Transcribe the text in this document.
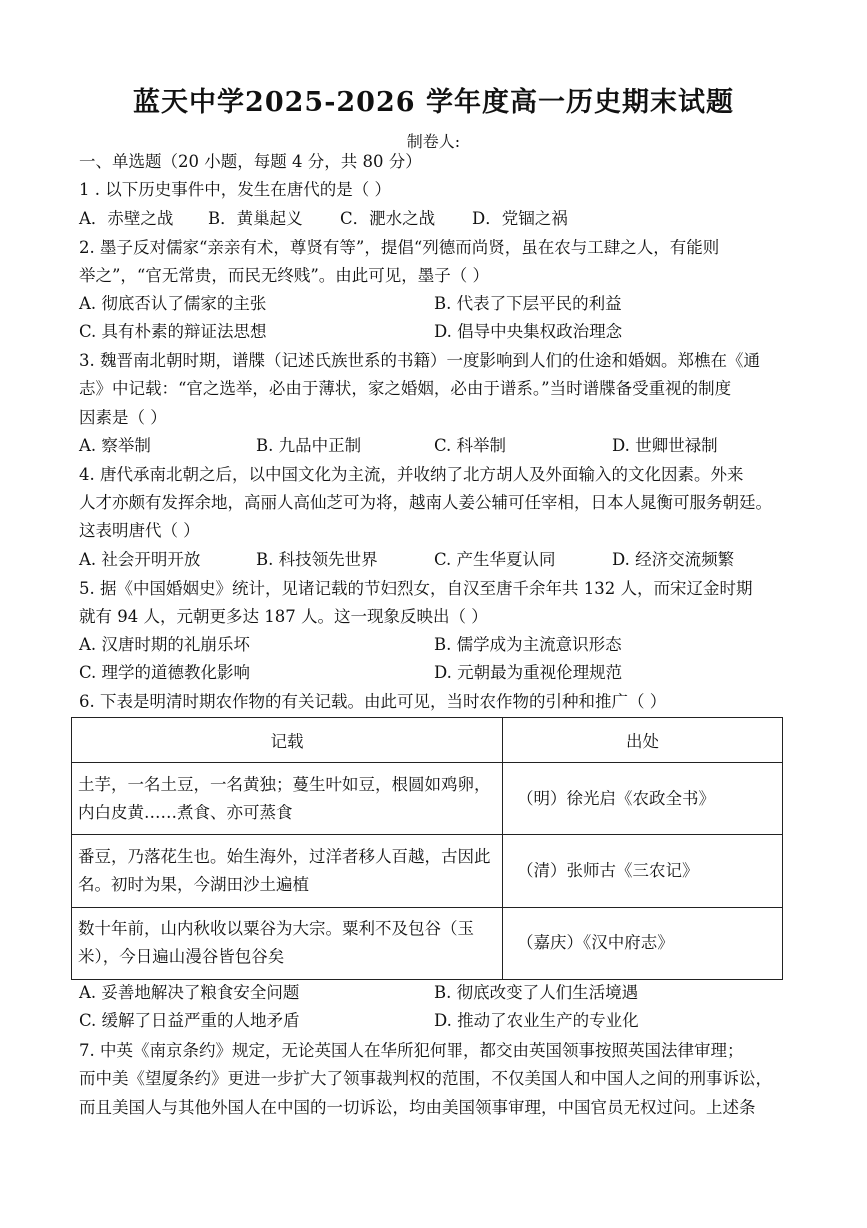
蓝天中学2025-2026 学年度高一历史期末试题
制卷人:
一、单选题（20 小题，每题 4 分，共 80 分）
1 . 以下历史事件中，发生在唐代的是（ ）
A．赤壁之战 B．黄巢起义 C．淝水之战 D．党锢之祸
2. 墨子反对儒家“亲亲有术，尊贤有等”，提倡“列德而尚贤，虽在农与工肆之人，有能则
举之”，“官无常贵，而民无终贱”。由此可见，墨子（ ）
A. 彻底否认了儒家的主张	B. 代表了下层平民的利益
C. 具有朴素的辩证法思想	D. 倡导中央集权政治理念
3. 魏晋南北朝时期，谱牒（记述氏族世系的书籍）一度影响到人们的仕途和婚姻。郑樵在《通
志》中记载：“官之选举，必由于薄状，家之婚姻，必由于谱系。”当时谱牒备受重视的制度
因素是（ ）
A. 察举制	B. 九品中正制	C. 科举制	D. 世卿世禄制
4. 唐代承南北朝之后，以中国文化为主流，并收纳了北方胡人及外面输入的文化因素。外来
人才亦颇有发挥余地，高丽人高仙芝可为将，越南人姜公辅可任宰相，日本人晁衡可服务朝廷。
这表明唐代（ ）
A. 社会开明开放	B. 科技领先世界	C. 产生华夏认同	D. 经济交流频繁
5. 据《中国婚姻史》统计，见诸记载的节妇烈女，自汉至唐千余年共 132 人，而宋辽金时期
就有 94 人，元朝更多达 187 人。这一现象反映出（ ）
A. 汉唐时期的礼崩乐坏	B. 儒学成为主流意识形态
C. 理学的道德教化影响	D. 元朝最为重视伦理规范
6. 下表是明清时期农作物的有关记载。由此可见，当时农作物的引种和推广（ ）
记载	出处
土芋，一名土豆，一名黄独；蔓生叶如豆，根圆如鸡卵，内白皮黄……煮食、亦可蒸食	（明）徐光启《农政全书》
番豆，乃落花生也。始生海外，过洋者移人百越，古因此名。初时为果，今湖田沙土遍植	（清）张师古《三农记》
数十年前，山内秋收以粟谷为大宗。粟利不及包谷（玉米），今日遍山漫谷皆包谷矣	（嘉庆）《汉中府志》
A. 妥善地解决了粮食安全问题	B. 彻底改变了人们生活境遇
C. 缓解了日益严重的人地矛盾	D. 推动了农业生产的专业化
7. 中英《南京条约》规定，无论英国人在华所犯何罪，都交由英国领事按照英国法律审理；
而中美《望厦条约》更进一步扩大了领事裁判权的范围，不仅美国人和中国人之间的刑事诉讼，
而且美国人与其他外国人在中国的一切诉讼，均由美国领事审理，中国官员无权过问。上述条
